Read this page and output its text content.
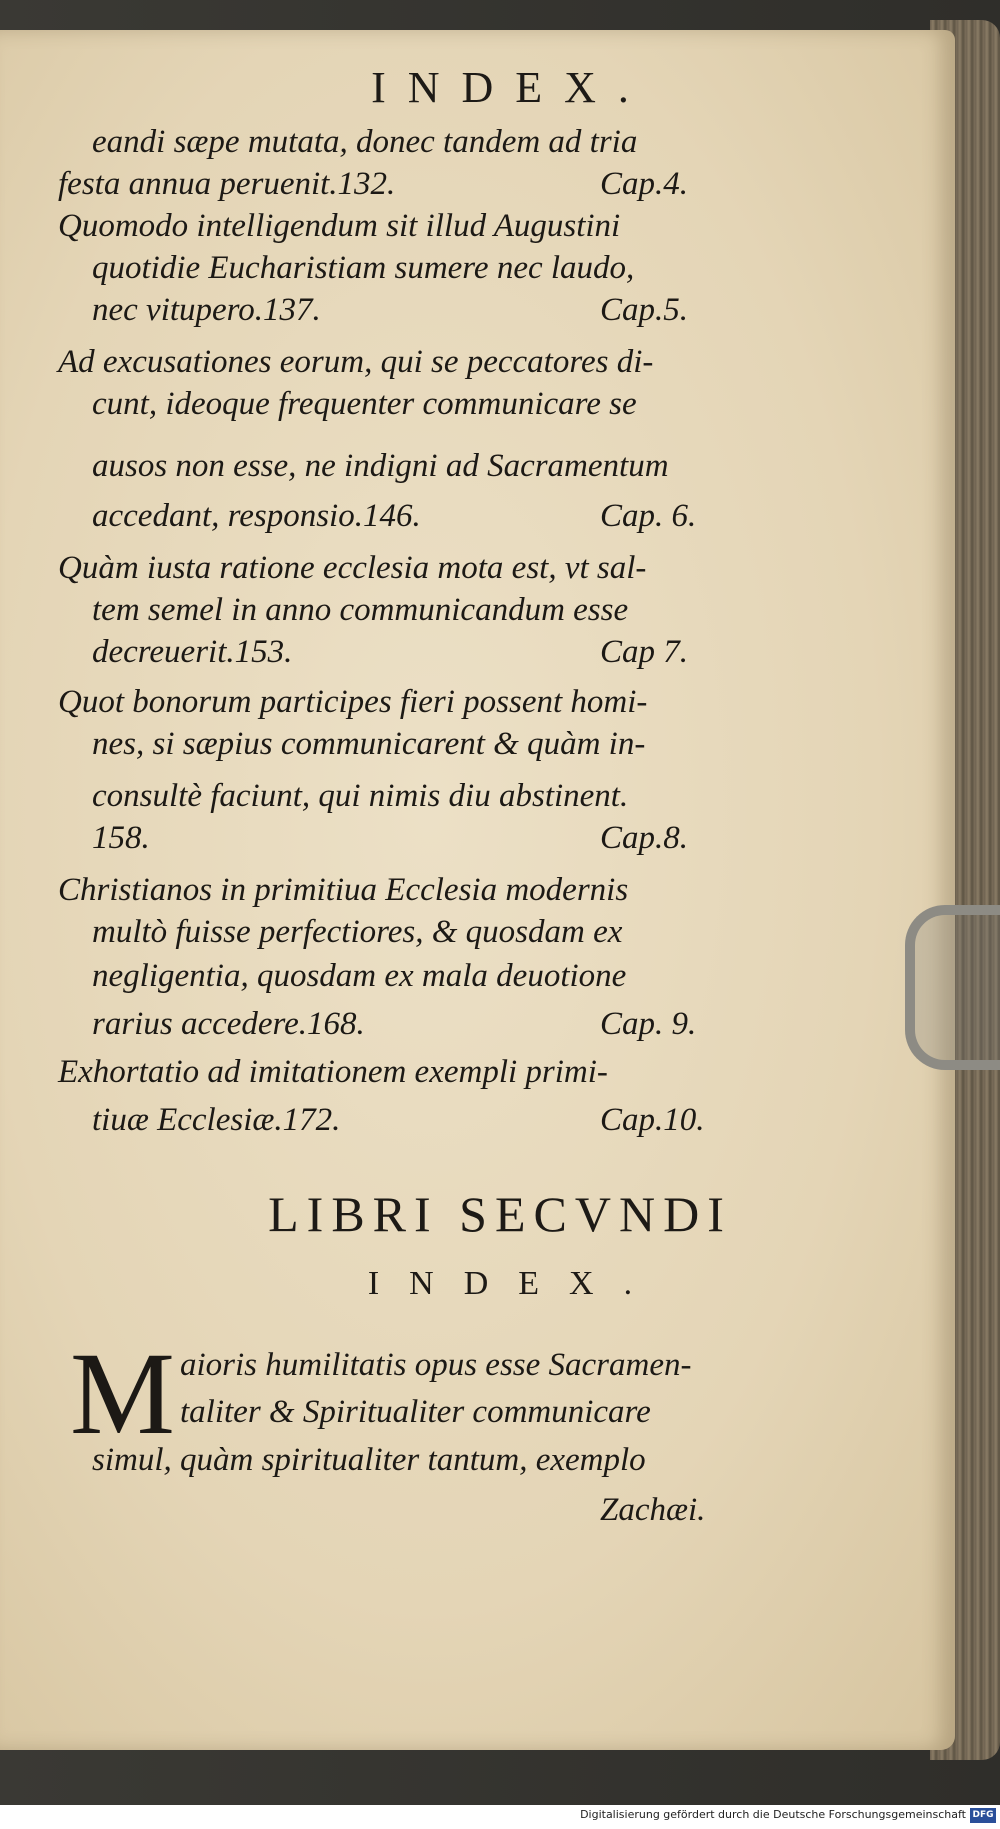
INDEX.
eandi sæpe mutata, donec tandem ad tria
festa annua peruenit.132.	Cap.4.
Quomodo intelligendum sit illud Augustini
quotidie Eucharistiam sumere nec laudo,
nec vitupero.137.	Cap.5.
Ad excusationes eorum, qui se peccatores di-
cunt, ideoque frequenter communicare se
ausos non esse, ne indigni ad Sacramentum
accedant, responsio.146.	Cap. 6.
Quàm iusta ratione ecclesia mota est, vt sal-
tem semel in anno communicandum esse
decreuerit.153.	Cap 7.
Quot bonorum participes fieri possent homi-
nes, si sæpius communicarent & quàm in-
consultè faciunt, qui nimis diu abstinent.
158.	Cap.8.
Christianos in primitiua Ecclesia modernis
multò fuisse perfectiores, & quosdam ex
negligentia, quosdam ex mala deuotione
rarius accedere.168.	Cap. 9.
Exhortatio ad imitationem exempli primi-
tiuæ Ecclesiæ.172.	Cap.10.
LIBRI SECVNDI
INDEX.
M aioris humilitatis opus esse Sacramen-
taliter & Spiritualiter communicare
simul, quàm spiritualiter tantum, exemplo
Zachæi.
Digitalisierung gefördert durch die Deutsche Forschungsgemeinschaft DFG
